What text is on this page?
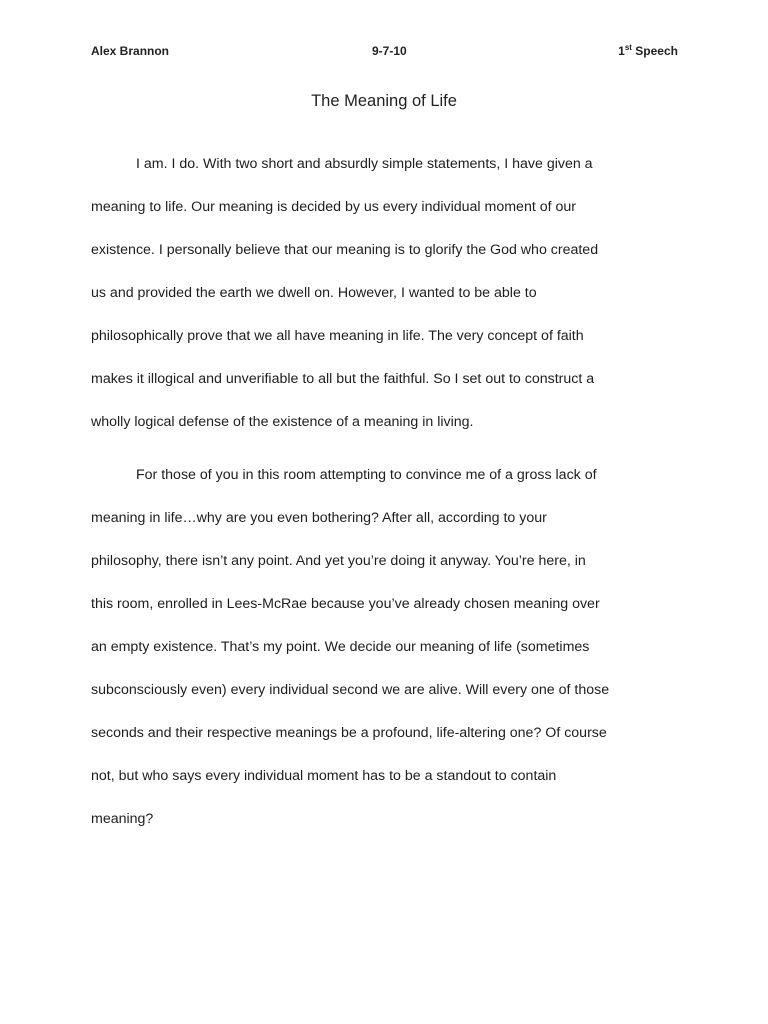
Alex Brannon	9-7-10	1st Speech
The Meaning of Life
I am. I do. With two short and absurdly simple statements, I have given a
meaning to life. Our meaning is decided by us every individual moment of our
existence. I personally believe that our meaning is to glorify the God who created
us and provided the earth we dwell on. However, I wanted to be able to
philosophically prove that we all have meaning in life. The very concept of faith
makes it illogical and unverifiable to all but the faithful. So I set out to construct a
wholly logical defense of the existence of a meaning in living.
For those of you in this room attempting to convince me of a gross lack of
meaning in life…why are you even bothering? After all, according to your
philosophy, there isn’t any point. And yet you’re doing it anyway. You’re here, in
this room, enrolled in Lees-McRae because you’ve already chosen meaning over
an empty existence. That’s my point. We decide our meaning of life (sometimes
subconsciously even) every individual second we are alive. Will every one of those
seconds and their respective meanings be a profound, life-altering one? Of course
not, but who says every individual moment has to be a standout to contain
meaning?
